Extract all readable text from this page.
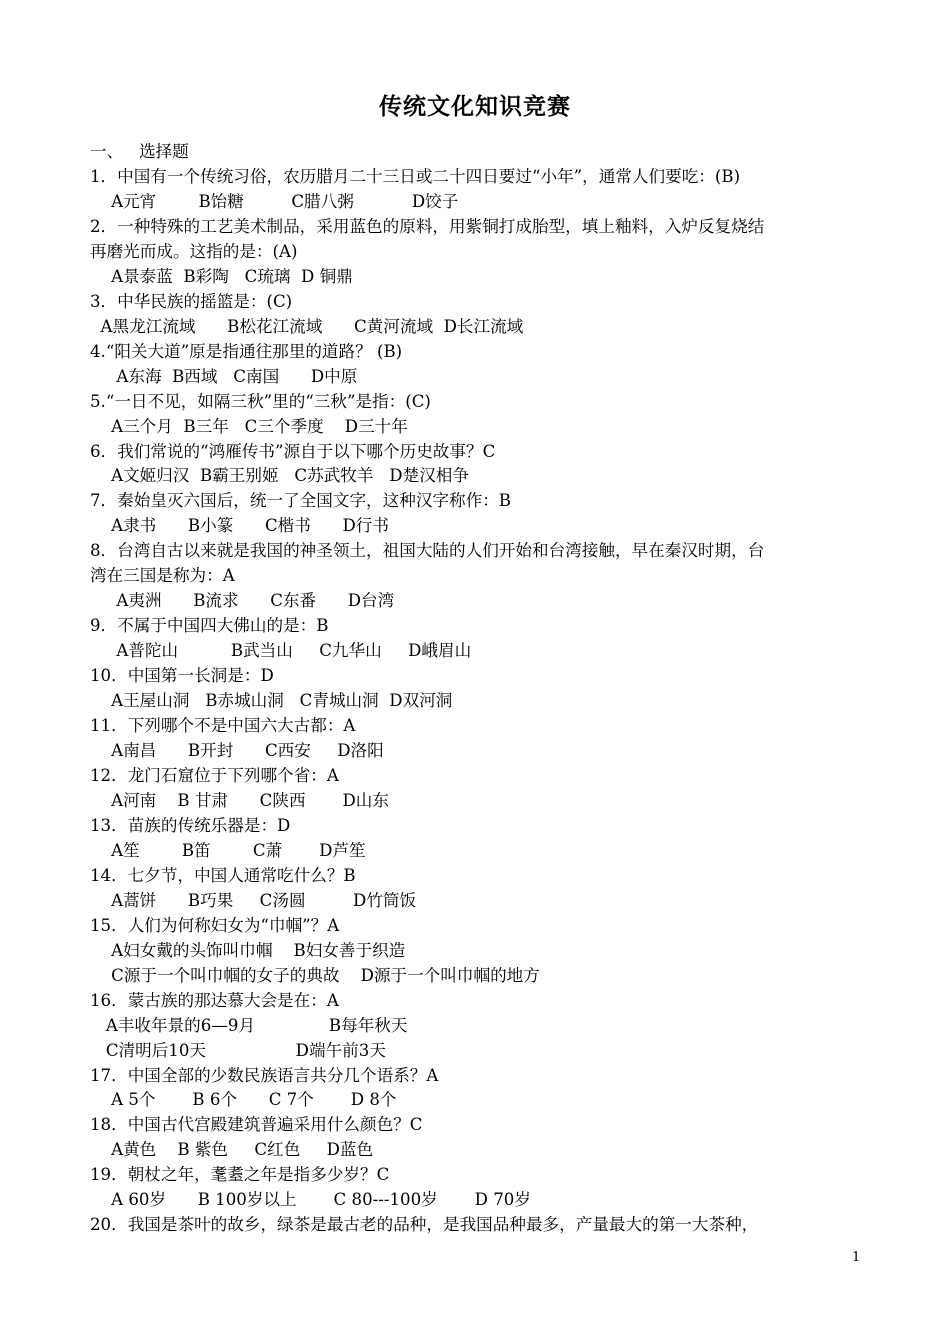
传统文化知识竞赛
一、   选择题
1．中国有一个传统习俗，农历腊月二十三日或二十四日要过“小年”，通常人们要吃：(B)
A元宵        B饴糖         C腊八粥           D饺子
2．一种特殊的工艺美术制品，采用蓝色的原料，用紫铜打成胎型，填上釉料，入炉反复烧结
再磨光而成。这指的是：(A)
A景泰蓝  B彩陶   C琉璃  D 铜鼎
3．中华民族的摇篮是：(C)
A黑龙江流域      B松花江流域      C黄河流域  D长江流域
4.“阳关大道”原是指通往那里的道路？ (B)
A东海  B西域   C南国      D中原
5.“一日不见，如隔三秋”里的“三秋”是指：(C)
A三个月  B三年   C三个季度    D三十年
6．我们常说的“鸿雁传书”源自于以下哪个历史故事？C
A文姬归汉  B霸王别姬   C苏武牧羊   D楚汉相争
7．秦始皇灭六国后，统一了全国文字，这种汉字称作：B
A隶书      B小篆      C楷书      D行书
8．台湾自古以来就是我国的神圣领土，祖国大陆的人们开始和台湾接触，早在秦汉时期，台
湾在三国是称为：A
A夷洲      B流求      C东番      D台湾
9．不属于中国四大佛山的是：B
A普陀山          B武当山     C九华山     D峨眉山
10．中国第一长洞是：D
A王屋山洞   B赤城山洞   C青城山洞  D双河洞
11．下列哪个不是中国六大古都：A
A南昌      B开封      C西安     D洛阳
12．龙门石窟位于下列哪个省：A
A河南    B 甘肃      C陕西       D山东
13．苗族的传统乐器是：D
A笙        B笛        C萧       D芦笙
14．七夕节，中国人通常吃什么？B
A蒿饼      B巧果     C汤圆         D竹筒饭
15．人们为何称妇女为“巾帼”？A
A妇女戴的头饰叫巾帼    B妇女善于织造
C源于一个叫巾帼的女子的典故    D源于一个叫巾帼的地方
16．蒙古族的那达慕大会是在：A
A丰收年景的6—9月              B每年秋天
C清明后10天                 D端午前3天
17．中国全部的少数民族语言共分几个语系？A
A 5个       B 6个      C 7个       D 8个
18．中国古代宫殿建筑普遍采用什么颜色？C
A黄色    B 紫色     C红色     D蓝色
19．朝杖之年，耄耋之年是指多少岁？C
A 60岁      B 100岁以上       C 80---100岁       D 70岁
20．我国是茶叶的故乡，绿茶是最古老的品种，是我国品种最多，产量最大的第一大茶种，
1
